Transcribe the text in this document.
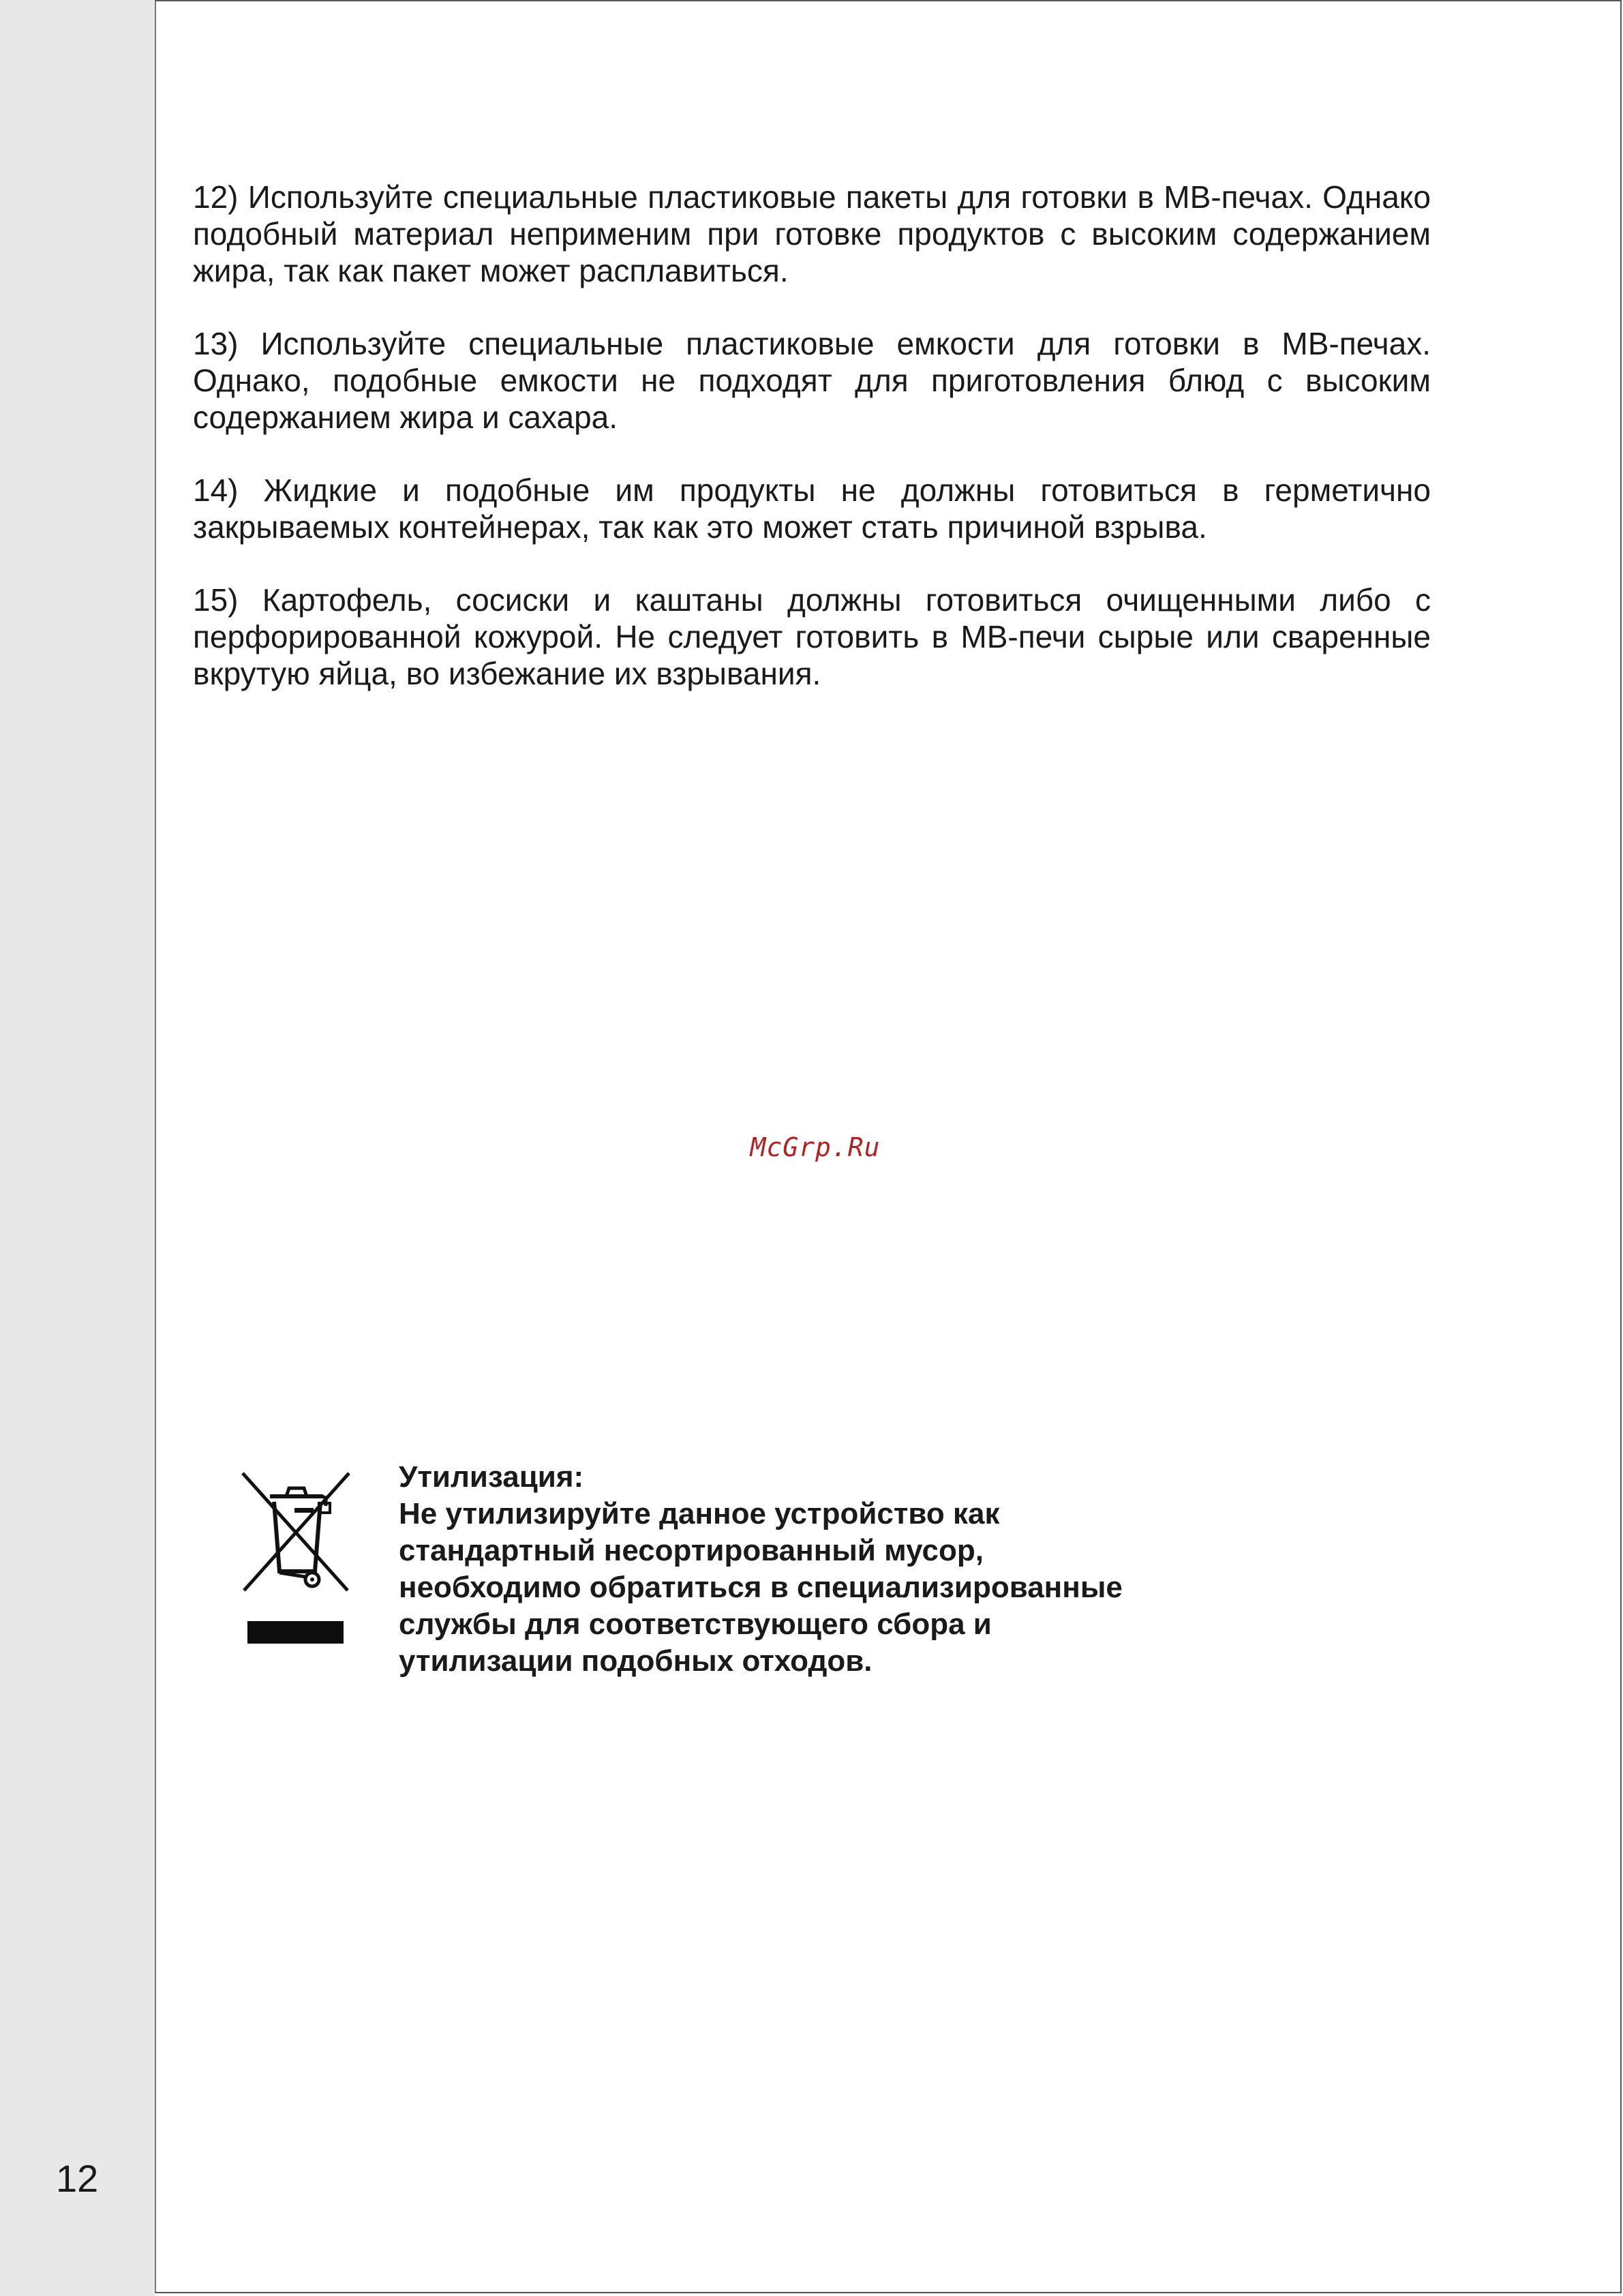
12) Используйте специальные пластиковые пакеты для готовки в МВ-печах. Однако подобный материал неприменим при готовке продуктов с высоким содержанием жира, так как пакет может расплавиться.

13) Используйте специальные пластиковые емкости для готовки в МВ-печах. Однако, подобные емкости не подходят для приготовления блюд с высоким содержанием жира и сахара.

14) Жидкие и подобные им продукты не должны готовиться в герметично закрываемых контейнерах, так как это может стать причиной взрыва.

15) Картофель, сосиски и каштаны должны готовиться очищенными либо с перфорированной кожурой. Не следует готовить в МВ-печи сырые или сваренные вкрутую яйца, во избежание их взрывания.

McGrp.Ru
Утилизация:
Не утилизируйте данное устройство как
стандартный несортированный мусор,
необходимо обратиться в специализированные
службы для соответствующего сбора и
утилизации подобных отходов.
12
